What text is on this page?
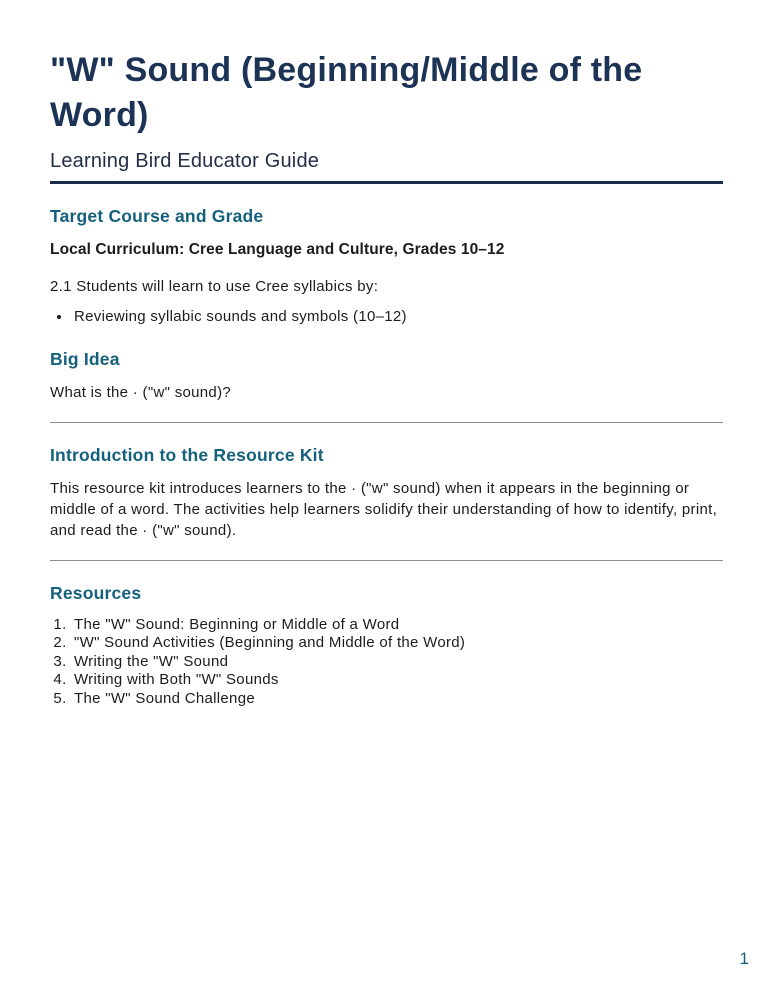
"W" Sound (Beginning/Middle of the Word)
Learning Bird Educator Guide
Target Course and Grade

Local Curriculum: Cree Language and Culture, Grades 10–12

2.1 Students will learn to use Cree syllabics by:

• Reviewing syllabic sounds and symbols (10–12)
Big Idea

What is the · ("w" sound)?

Introduction to the Resource Kit

This resource kit introduces learners to the · ("w" sound) when it appears in the beginning or middle of a word. The activities help learners solidify their understanding of how to identify, print, and read the · ("w" sound).

Resources
1. The "W" Sound: Beginning or Middle of a Word
2. "W" Sound Activities (Beginning and Middle of the Word)
3. Writing the "W" Sound
4. Writing with Both "W" Sounds
5. The "W" Sound Challenge
1
